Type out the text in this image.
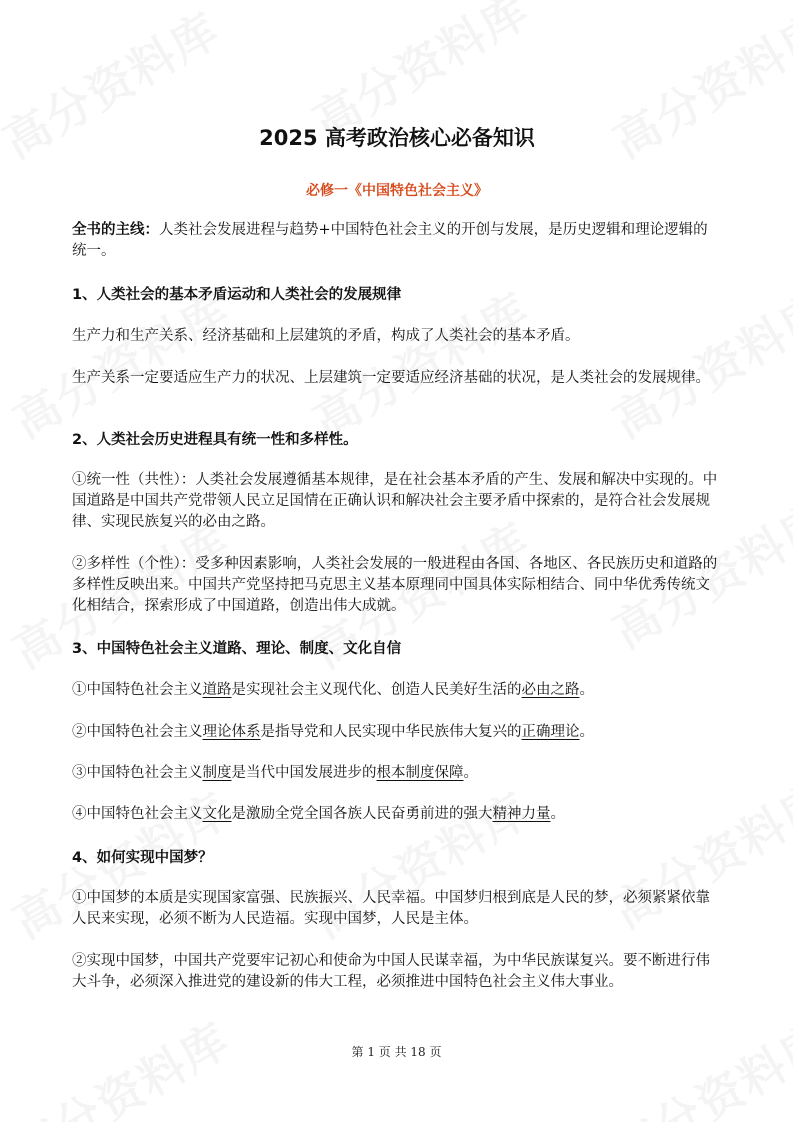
2025 高考政治核心必备知识
必修一《中国特色社会主义》

全书的主线：人类社会发展进程与趋势+中国特色社会主义的开创与发展，是历史逻辑和理论逻辑的统一。

1、人类社会的基本矛盾运动和人类社会的发展规律

生产力和生产关系、经济基础和上层建筑的矛盾，构成了人类社会的基本矛盾。

生产关系一定要适应生产力的状况、上层建筑一定要适应经济基础的状况，是人类社会的发展规律。

2、人类社会历史进程具有统一性和多样性。

①统一性（共性）：人类社会发展遵循基本规律，是在社会基本矛盾的产生、发展和解决中实现的。中国道路是中国共产党带领人民立足国情在正确认识和解决社会主要矛盾中探索的，是符合社会发展规律、实现民族复兴的必由之路。

②多样性（个性）：受多种因素影响，人类社会发展的一般进程由各国、各地区、各民族历史和道路的多样性反映出来。中国共产党坚持把马克思主义基本原理同中国具体实际相结合、同中华优秀传统文化相结合，探索形成了中国道路，创造出伟大成就。

3、中国特色社会主义道路、理论、制度、文化自信

①中国特色社会主义道路是实现社会主义现代化、创造人民美好生活的必由之路。

②中国特色社会主义理论体系是指导党和人民实现中华民族伟大复兴的正确理论。

③中国特色社会主义制度是当代中国发展进步的根本制度保障。

④中国特色社会主义文化是激励全党全国各族人民奋勇前进的强大精神力量。

4、如何实现中国梦？

①中国梦的本质是实现国家富强、民族振兴、人民幸福。中国梦归根到底是人民的梦，必须紧紧依靠人民来实现，必须不断为人民造福。实现中国梦，人民是主体。

②实现中国梦，中国共产党要牢记初心和使命为中国人民谋幸福，为中华民族谋复兴。要不断进行伟大斗争，必须深入推进党的建设新的伟大工程，必须推进中国特色社会主义伟大事业。

第 1 页 共 18 页
